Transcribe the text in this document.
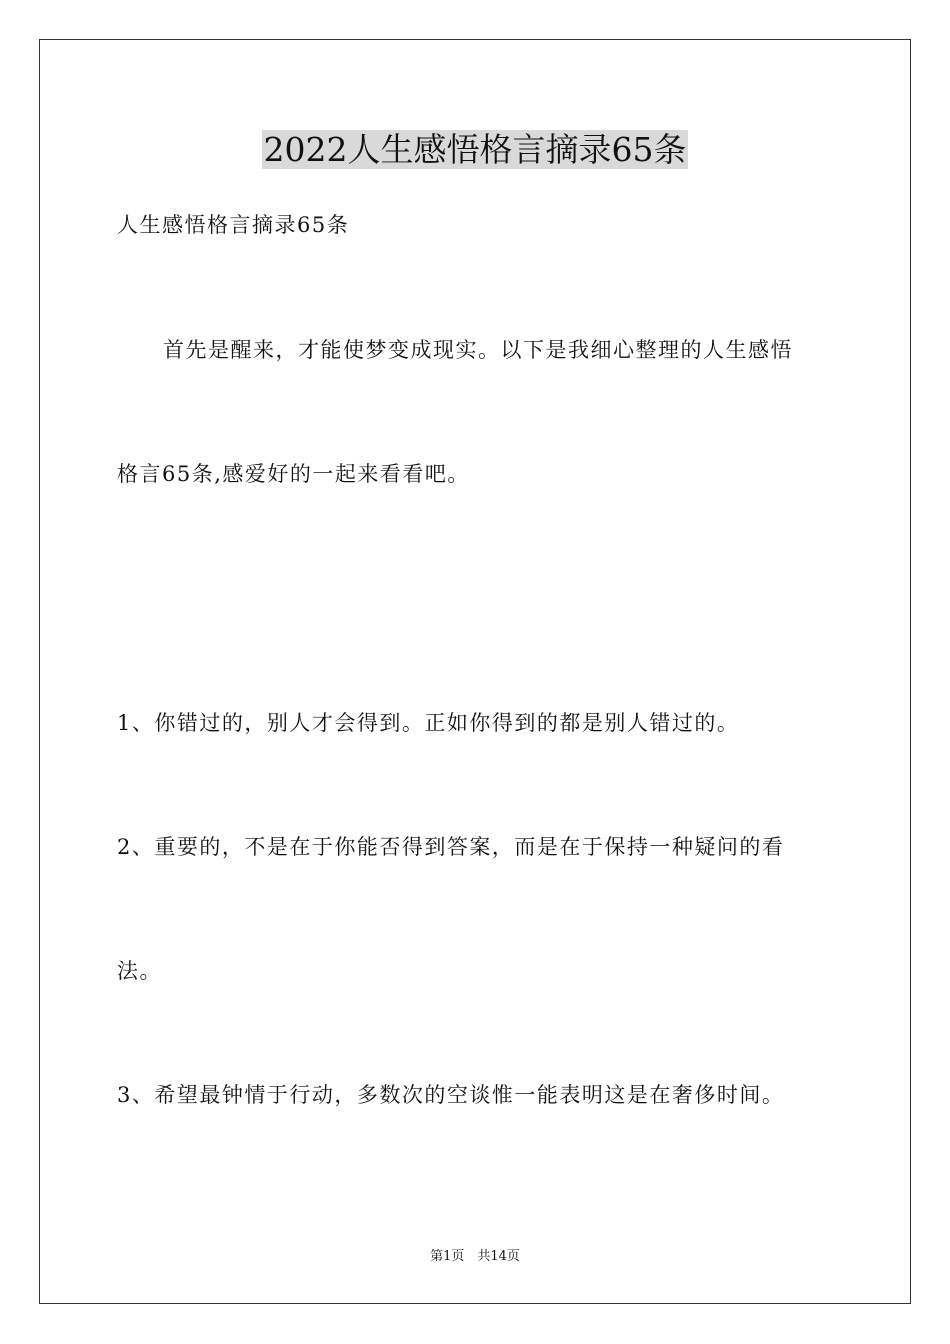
2022人生感悟格言摘录65条
人生感悟格言摘录65条
首先是醒来，才能使梦变成现实。以下是我细心整理的人生感悟
格言65条,感爱好的一起来看看吧。
1、你错过的，别人才会得到。正如你得到的都是别人错过的。
2、重要的，不是在于你能否得到答案，而是在于保持一种疑问的看
法。
3、希望最钟情于行动，多数次的空谈惟一能表明这是在奢侈时间。
第1页　共14页
